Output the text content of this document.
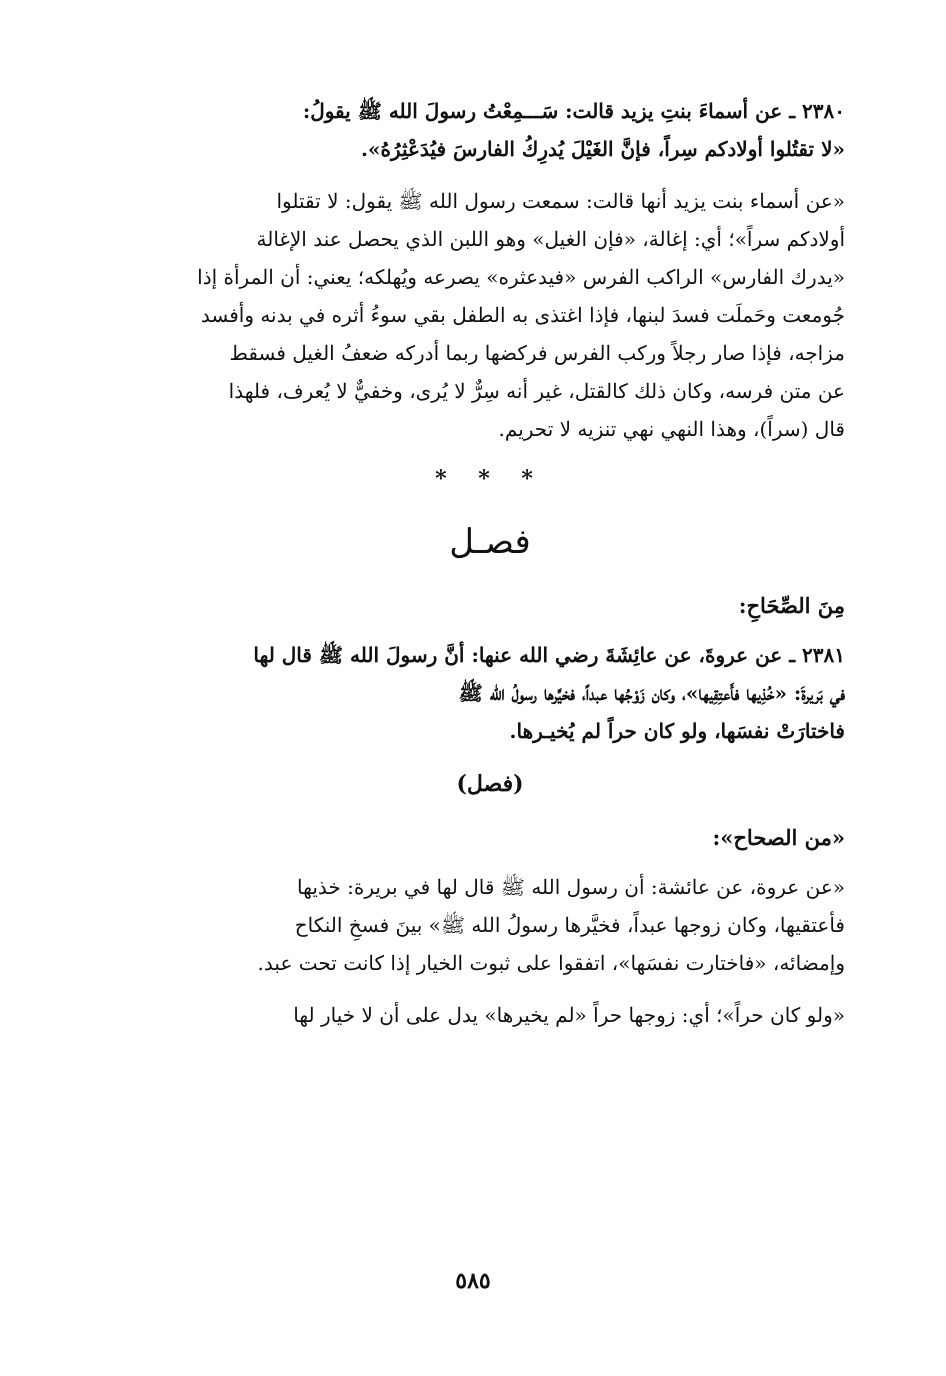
٢٣٨٠ ـ عن أسماءَ بنتِ يزيد قالت: سَـــمِعْتُ رسولَ الله ﷺ يقولُ:
«لا تقتُلوا أولادكم سِراً، فإنَّ الغَيْلَ يُدرِكُ الفارسَ فيُدَعْثِرُهُ».
«عن أسماء بنت يزيد أنها قالت: سمعت رسول الله ﷺ يقول: لا تقتلوا
أولادكم سراً»؛ أي: إغالة، «فإن الغيل» وهو اللبن الذي يحصل عند الإغالة
«يدرك الفارس» الراكب الفرس «فيدعثره» يصرعه ويُهلكه؛ يعني: أن المرأة إذا
جُومعت وحَملَت فسدَ لبنها، فإذا اغتذى به الطفل بقي سوءُ أثره في بدنه وأفسد
مزاجه، فإذا صار رجلاً وركب الفرس فركضها ربما أدركه ضعفُ الغيل فسقط
عن متن فرسه، وكان ذلك كالقتل، غير أنه سِرٌّ لا يُرى، وخفيٌّ لا يُعرف، فلهذا
قال (سراً)، وهذا النهي نهي تنزيه لا تحريم.
* * *
فصـل
مِنَ الصِّحَاحِ:
٢٣٨١ ـ عن عروةَ، عن عائِشَةَ رضي الله عنها: أنَّ رسولَ الله ﷺ قال لها
في بَريرةَ: «خُذِيها فأَعتِقِيها»، وكان زَوْجُها عبداً، فخيَّرها رسولُ الله ﷺ
فاختارَتْ نفسَها، ولو كان حراً لم يُخيـرها.
(فصل)
«من الصحاح»:
«عن عروة، عن عائشة: أن رسول الله ﷺ قال لها في بريرة: خذيها
فأعتقيها، وكان زوجها عبداً، فخيَّرها رسولُ الله ﷺ» بينَ فسخِ النكاح
وإمضائه، «فاختارت نفسَها»، اتفقوا على ثبوت الخيار إذا كانت تحت عبد.
«ولو كان حراً»؛ أي: زوجها حراً «لم يخيرها» يدل على أن لا خيار لها
٥٨٥
